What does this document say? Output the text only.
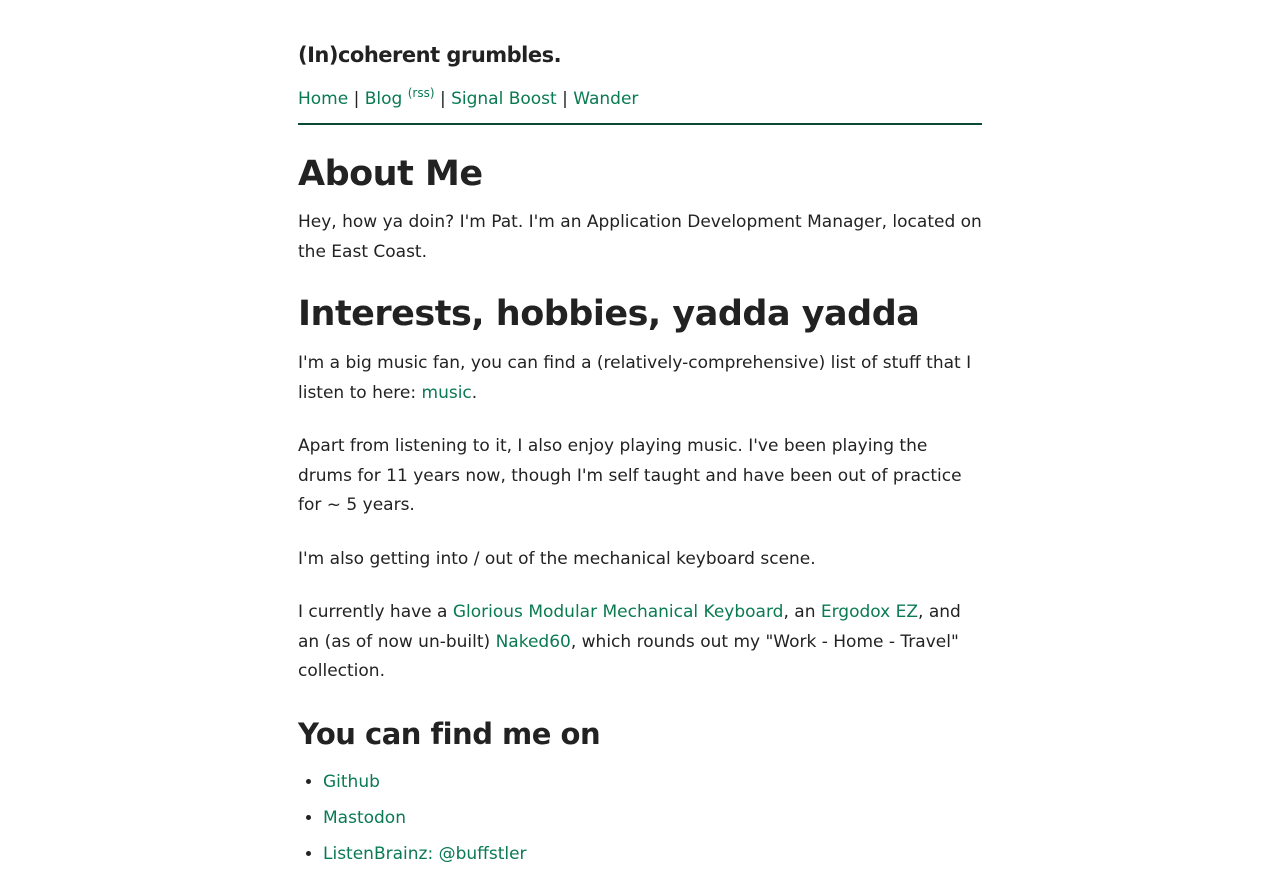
(In)coherent grumbles.
Home | Blog $^{(rss)}$ | Signal Boost | Wander
About Me

Hey, how ya doin? I'm Pat. I'm an Application Development Manager, located on the East Coast.

Interests, hobbies, yadda yadda

I'm a big music fan, you can find a (relatively-comprehensive) list of stuff that I listen to here: music.

Apart from listening to it, I also enjoy playing music. I've been playing the drums for 11 years now, though I'm self taught and have been out of practice for ~ 5 years.

I'm also getting into / out of the mechanical keyboard scene.

I currently have a Glorious Modular Mechanical Keyboard, an Ergodox EZ, and an (as of now un-built) Naked60, which rounds out my "Work - Home - Travel" collection.

You can find me on
• Github
• Mastodon
• ListenBrainz: @buffstler
